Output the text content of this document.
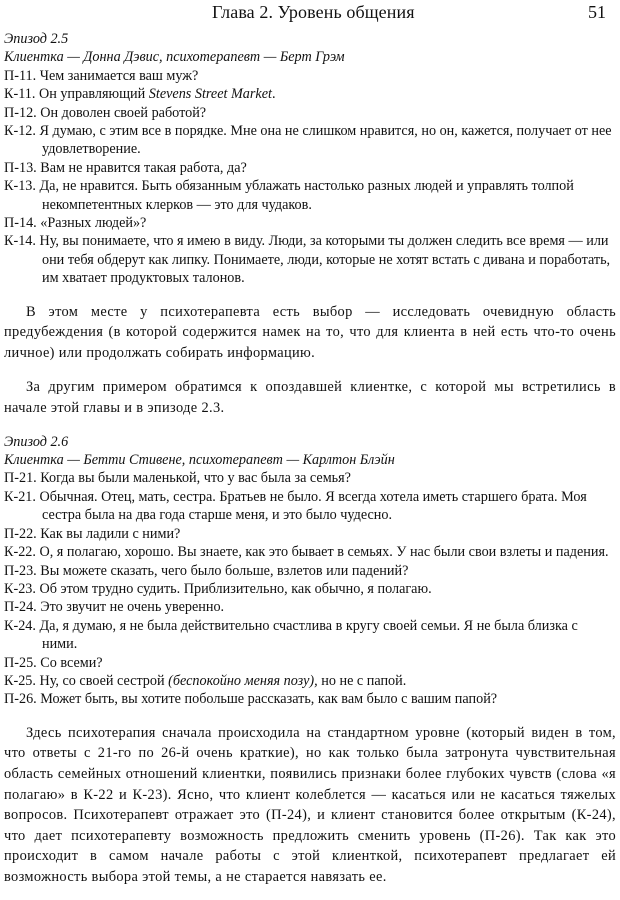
Глава 2. Уровень общения	51
Эпизод 2.5
Клиентка — Донна Дэвис, психотерапевт — Берт Грэм
П-11. Чем занимается ваш муж?
К-11. Он управляющий Stevens Street Market.
П-12. Он доволен своей работой?
К-12. Я думаю, с этим все в порядке. Мне она не слишком нравится, но он, кажется, получает от нее удовлетворение.
П-13. Вам не нравится такая работа, да?
К-13. Да, не нравится. Быть обязанным ублажать настолько разных людей и управлять толпой некомпетентных клерков — это для чудаков.
П-14. «Разных людей»?
К-14. Ну, вы понимаете, что я имею в виду. Люди, за которыми ты должен следить все время — или они тебя обдерут как липку. Понимаете, люди, которые не хотят встать с дивана и поработать, им хватает продуктовых талонов.
В этом месте у психотерапевта есть выбор — исследовать очевидную область предубеждения (в которой содержится намек на то, что для клиента в ней есть что-то очень личное) или продолжать собирать информацию.
За другим примером обратимся к опоздавшей клиентке, с которой мы встретились в начале этой главы и в эпизоде 2.3.
Эпизод 2.6
Клиентка — Бетти Стивене, психотерапевт — Карлтон Блэйн
П-21. Когда вы были маленькой, что у вас была за семья?
К-21. Обычная. Отец, мать, сестра. Братьев не было. Я всегда хотела иметь старшего брата. Моя сестра была на два года старше меня, и это было чудесно.
П-22. Как вы ладили с ними?
К-22. О, я полагаю, хорошо. Вы знаете, как это бывает в семьях. У нас были свои взлеты и падения.
П-23. Вы можете сказать, чего было больше, взлетов или падений?
К-23. Об этом трудно судить. Приблизительно, как обычно, я полагаю.
П-24. Это звучит не очень уверенно.
К-24. Да, я думаю, я не была действительно счастлива в кругу своей семьи. Я не была близка с ними.
П-25. Со всеми?
К-25. Ну, со своей сестрой (беспокойно меняя позу), но не с папой.
П-26. Может быть, вы хотите побольше рассказать, как вам было с вашим папой?
Здесь психотерапия сначала происходила на стандартном уровне (который виден в том, что ответы с 21-го по 26-й очень краткие), но как только была затронута чувствительная область семейных отношений клиентки, появились признаки более глубоких чувств (слова «я полагаю» в К-22 и К-23). Ясно, что клиент колеблется — касаться или не касаться тяжелых вопросов. Психотерапевт отражает это (П-24), и клиент становится более открытым (К-24), что дает психотерапевту возможность предложить сменить уровень (П-26). Так как это происходит в самом начале работы с этой клиенткой, психотерапевт предлагает ей возможность выбора этой темы, а не старается навязать ее.
